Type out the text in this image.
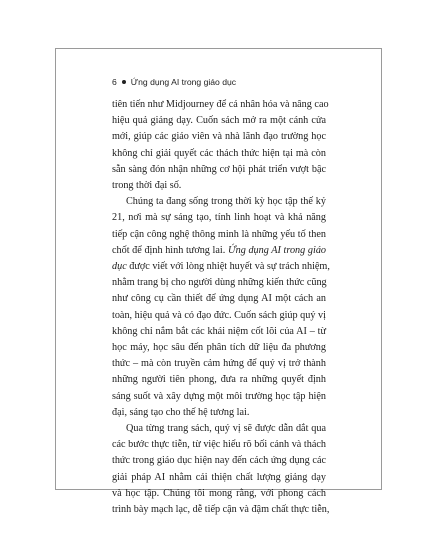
6 Ứng dụng AI trong giáo dục
tiên tiến như Midjourney để cá nhân hóa và nâng cao
hiệu quả giảng dạy. Cuốn sách mở ra một cánh cửa
mới, giúp các giáo viên và nhà lãnh đạo trường học
không chỉ giải quyết các thách thức hiện tại mà còn
sẵn sàng đón nhận những cơ hội phát triển vượt bậc
trong thời đại số.
Chúng ta đang sống trong thời kỳ học tập thế kỷ
21, nơi mà sự sáng tạo, tính linh hoạt và khả năng
tiếp cận công nghệ thông minh là những yếu tố then
chốt để định hình tương lai. Ứng dụng AI trong giáo
dục được viết với lòng nhiệt huyết và sự trách nhiệm,
nhằm trang bị cho người dùng những kiến thức cũng
như công cụ cần thiết để ứng dụng AI một cách an
toàn, hiệu quả và có đạo đức. Cuốn sách giúp quý vị
không chỉ nắm bắt các khái niệm cốt lõi của AI – từ
học máy, học sâu đến phân tích dữ liệu đa phương
thức – mà còn truyền cảm hứng để quý vị trở thành
những người tiên phong, đưa ra những quyết định
sáng suốt và xây dựng một môi trường học tập hiện
đại, sáng tạo cho thế hệ tương lai.
Qua từng trang sách, quý vị sẽ được dẫn dắt qua
các bước thực tiễn, từ việc hiểu rõ bối cảnh và thách
thức trong giáo dục hiện nay đến cách ứng dụng các
giải pháp AI nhằm cải thiện chất lượng giảng dạy
và học tập. Chúng tôi mong rằng, với phong cách
trình bày mạch lạc, dễ tiếp cận và đậm chất thực tiễn,
